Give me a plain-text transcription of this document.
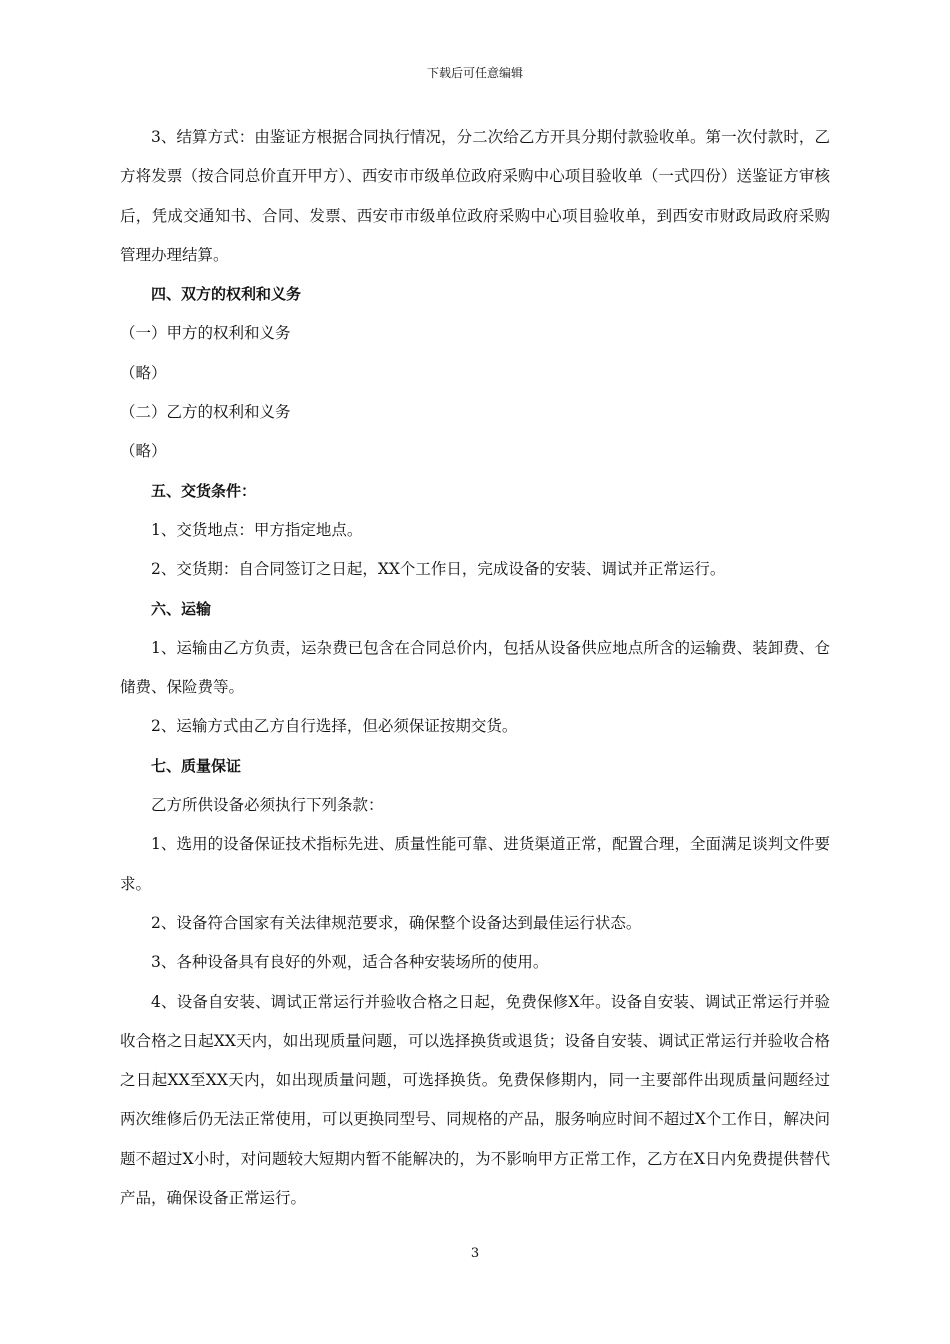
下载后可任意编辑

3、结算方式：由鉴证方根据合同执行情况，分二次给乙方开具分期付款验收单。第一次付款时，乙方将发票（按合同总价直开甲方）、西安市市级单位政府采购中心项目验收单（一式四份）送鉴证方审核后，凭成交通知书、合同、发票、西安市市级单位政府采购中心项目验收单，到西安市财政局政府采购管理办理结算。

四、双方的权利和义务

（一）甲方的权利和义务

（略）

（二）乙方的权利和义务

（略）

五、交货条件：

1、交货地点：甲方指定地点。

2、交货期：自合同签订之日起，XX个工作日，完成设备的安装、调试并正常运行。

六、运输

1、运输由乙方负责，运杂费已包含在合同总价内，包括从设备供应地点所含的运输费、装卸费、仓储费、保险费等。

2、运输方式由乙方自行选择，但必须保证按期交货。

七、质量保证

乙方所供设备必须执行下列条款：

1、选用的设备保证技术指标先进、质量性能可靠、进货渠道正常，配置合理，全面满足谈判文件要求。

2、设备符合国家有关法律规范要求，确保整个设备达到最佳运行状态。

3、各种设备具有良好的外观，适合各种安装场所的使用。

4、设备自安装、调试正常运行并验收合格之日起，免费保修X年。设备自安装、调试正常运行并验收合格之日起XX天内，如出现质量问题，可以选择换货或退货；设备自安装、调试正常运行并验收合格之日起XX至XX天内，如出现质量问题，可选择换货。免费保修期内，同一主要部件出现质量问题经过两次维修后仍无法正常使用，可以更换同型号、同规格的产品，服务响应时间不超过X个工作日，解决问题不超过X小时，对问题较大短期内暂不能解决的，为不影响甲方正常工作，乙方在X日内免费提供替代产品，确保设备正常运行。

3
